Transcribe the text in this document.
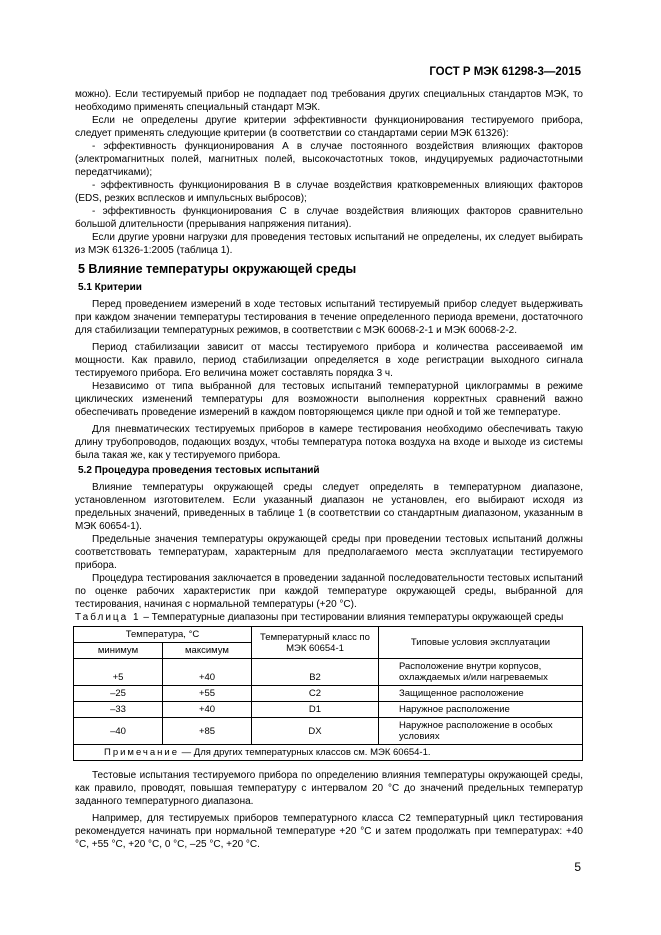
ГОСТ Р МЭК 61298-3—2015

можно). Если тестируемый прибор не подпадает под требования других специальных стандартов МЭК, то необходимо применять специальный стандарт МЭК.

Если не определены другие критерии эффективности функционирования тестируемого прибора, следует применять следующие критерии (в соответствии со стандартами серии МЭК 61326):

- эффективность функционирования А в случае постоянного воздействия влияющих факторов (электромагнитных полей, магнитных полей, высокочастотных токов, индуцируемых радиочастотными передатчиками);

- эффективность функционирования В в случае воздействия кратковременных влияющих факторов (EDS, резких всплесков и импульсных выбросов);

- эффективность функционирования С в случае воздействия влияющих факторов сравнительно большой длительности (прерывания напряжения питания).

Если другие уровни нагрузки для проведения тестовых испытаний не определены, их следует выбирать из МЭК 61326-1:2005 (таблица 1).

5 Влияние температуры окружающей среды
5.1 Критерии

Перед проведением измерений в ходе тестовых испытаний тестируемый прибор следует выдерживать при каждом значении температуры тестирования в течение определенного периода времени, достаточного для стабилизации температурных режимов, в соответствии с МЭК 60068-2-1 и МЭК 60068-2-2.

Период стабилизации зависит от массы тестируемого прибора и количества рассеиваемой им мощности. Как правило, период стабилизации определяется в ходе регистрации выходного сигнала тестируемого прибора. Его величина может составлять порядка 3 ч.

Независимо от типа выбранной для тестовых испытаний температурной циклограммы в режиме циклических изменений температуры для возможности выполнения корректных сравнений важно обеспечивать проведение измерений в каждом повторяющемся цикле при одной и той же температуре.

Для пневматических тестируемых приборов в камере тестирования необходимо обеспечивать такую длину трубопроводов, подающих воздух, чтобы температура потока воздуха на входе и выходе из системы была такая же, как у тестируемого прибора.

5.2 Процедура проведения тестовых испытаний

Влияние температуры окружающей среды следует определять в температурном диапазоне, установленном изготовителем. Если указанный диапазон не установлен, его выбирают исходя из предельных значений, приведенных в таблице 1 (в соответствии со стандартным диапазоном, указанным в МЭК 60654-1).

Предельные значения температуры окружающей среды при проведении тестовых испытаний должны соответствовать температурам, характерным для предполагаемого места эксплуатации тестируемого прибора.

Процедура тестирования заключается в проведении заданной последовательности тестовых испытаний по оценке рабочих характеристик при каждой температуре окружающей среды, выбранной для тестирования, начиная с нормальной температуры (+20 °С).

Таблица 1 – Температурные диапазоны при тестировании влияния температуры окружающей среды

Температура, °С		Температурный класс по МЭК 60654-1	Типовые условия эксплуатации
минимум	максимум		
+5	+40	B2	Расположение внутри корпусов, охлаждаемых и/или нагреваемых
–25	+55	C2	Защищенное расположение
–33	+40	D1	Наружное расположение
–40	+85	DX	Наружное расположение в особых условиях
Примечание — Для других температурных классов см. МЭК 60654-1.			

Тестовые испытания тестируемого прибора по определению влияния температуры окружающей среды, как правило, проводят, повышая температуру с интервалом 20 °С до значений предельных температур заданного температурного диапазона.

Например, для тестируемых приборов температурного класса С2 температурный цикл тестирования рекомендуется начинать при нормальной температуре +20 °С и затем продолжать при температурах: +40 °С, +55 °С, +20 °С, 0 °С, –25 °С, +20 °С.

5
